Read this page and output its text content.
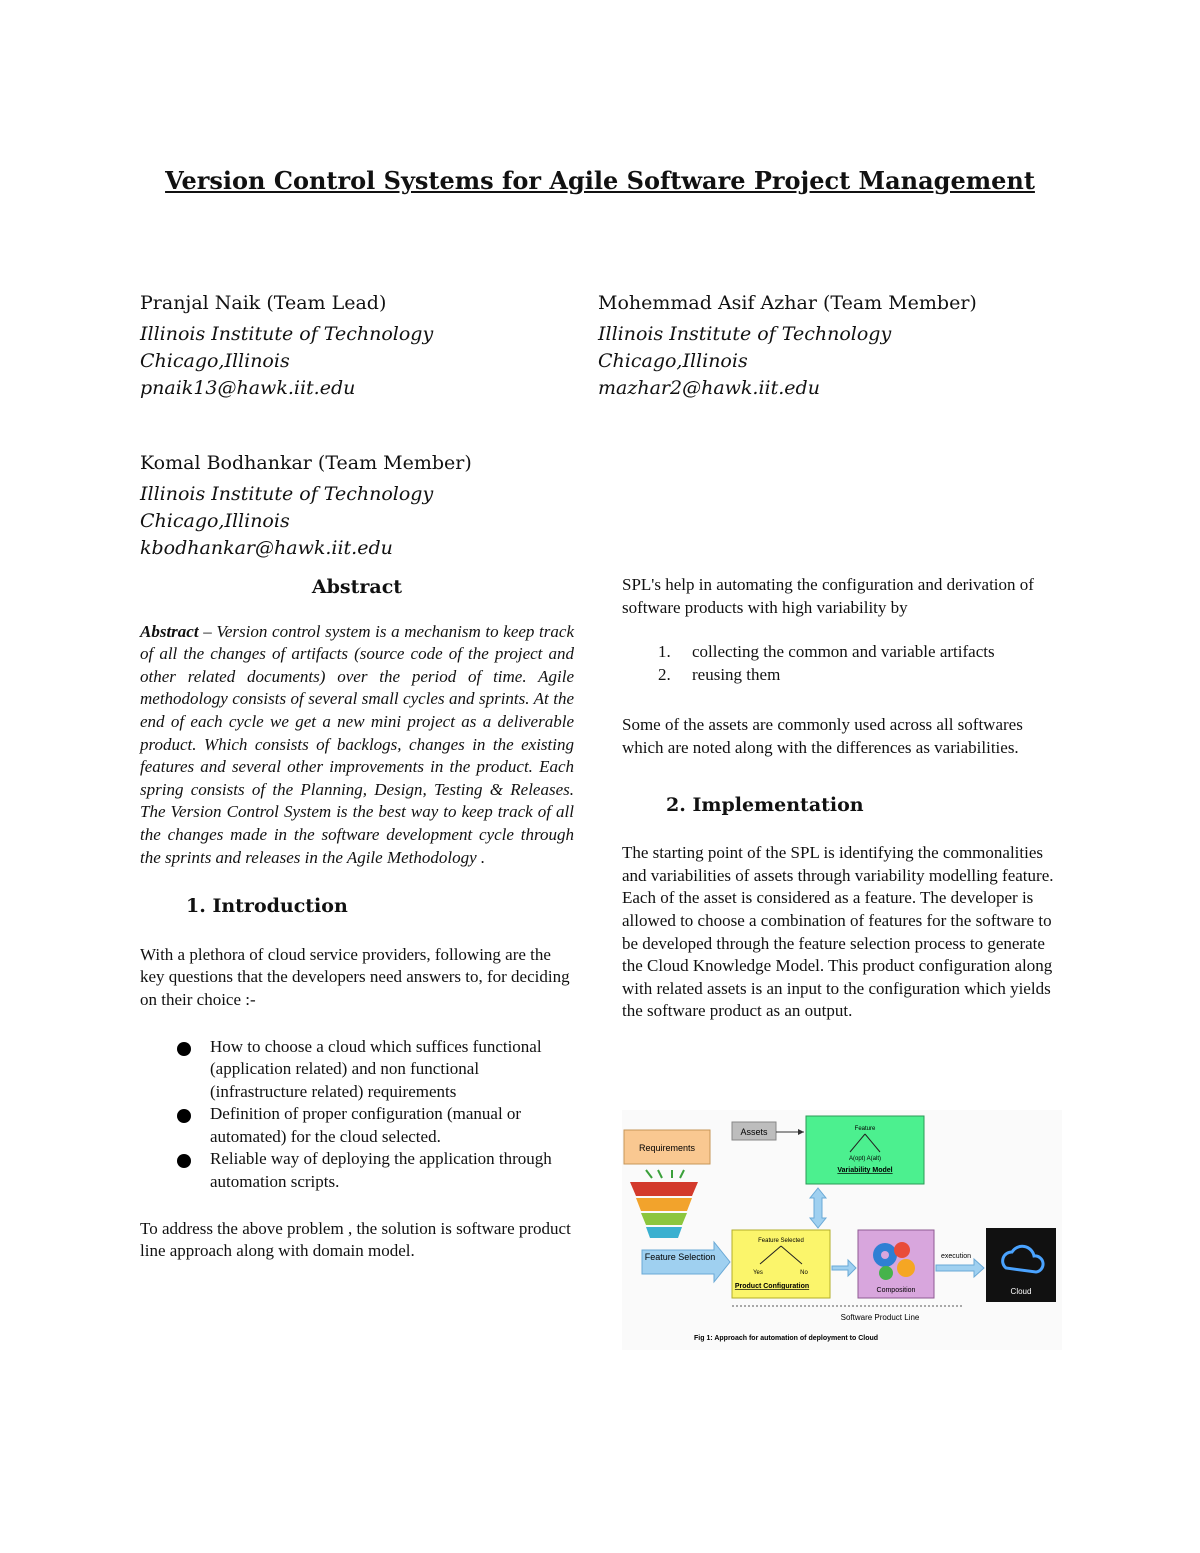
Version Control Systems for Agile Software Project Management
Pranjal Naik (Team Lead)
Illinois Institute of Technology
Chicago,Illinois
pnaik13@hawk.iit.edu
Mohemmad Asif Azhar (Team Member)
Illinois Institute of Technology
Chicago,Illinois
mazhar2@hawk.iit.edu
Komal Bodhankar (Team Member)
Illinois Institute of Technology
Chicago,Illinois
kbodhankar@hawk.iit.edu
Abstract
Abstract – Version control system is a mechanism to keep track of all the changes of artifacts (source code of the project and other related documents) over the period of time. Agile methodology consists of several small cycles and sprints. At the end of each cycle we get a new mini project as a deliverable product. Which consists of backlogs, changes in the existing features and several other improvements in the product. Each spring consists of the Planning, Design, Testing & Releases. The Version Control System is the best way to keep track of all the changes made in the software development cycle through the sprints and releases in the Agile Methodology .
1. Introduction
With a plethora of cloud service providers, following are the key questions that the developers need answers to, for deciding on their choice :-
How to choose a cloud which suffices functional (application related) and non functional (infrastructure related) requirements
Definition of proper configuration (manual or automated) for the cloud selected.
Reliable way of deploying the application through automation scripts.
To address the above problem , the solution is software product line approach along with domain model.
SPL's help in automating the configuration and derivation of software products with high variability by
1. collecting the common and variable artifacts
2. reusing them
Some of the assets are commonly used across all softwares which are noted along with the differences as variabilities.
2. Implementation
The starting point of the SPL is identifying the commonalities and variabilities of assets through variability modelling feature. Each of the asset is considered as a feature. The developer is allowed to choose a combination of features for the software to be developed through the feature selection process to generate the Cloud Knowledge Model. This product configuration along with related assets is an input to the configuration which yields the software product as an output.
Requirements
Feature Selection
Assets	Feature
A(opt) A(alt)
Variability Model
Feature Selected
Yes	No
Product Configuration
Composition
execution
Cloud
Software Product Line
Fig 1: Approach for automation of deployment to Cloud
